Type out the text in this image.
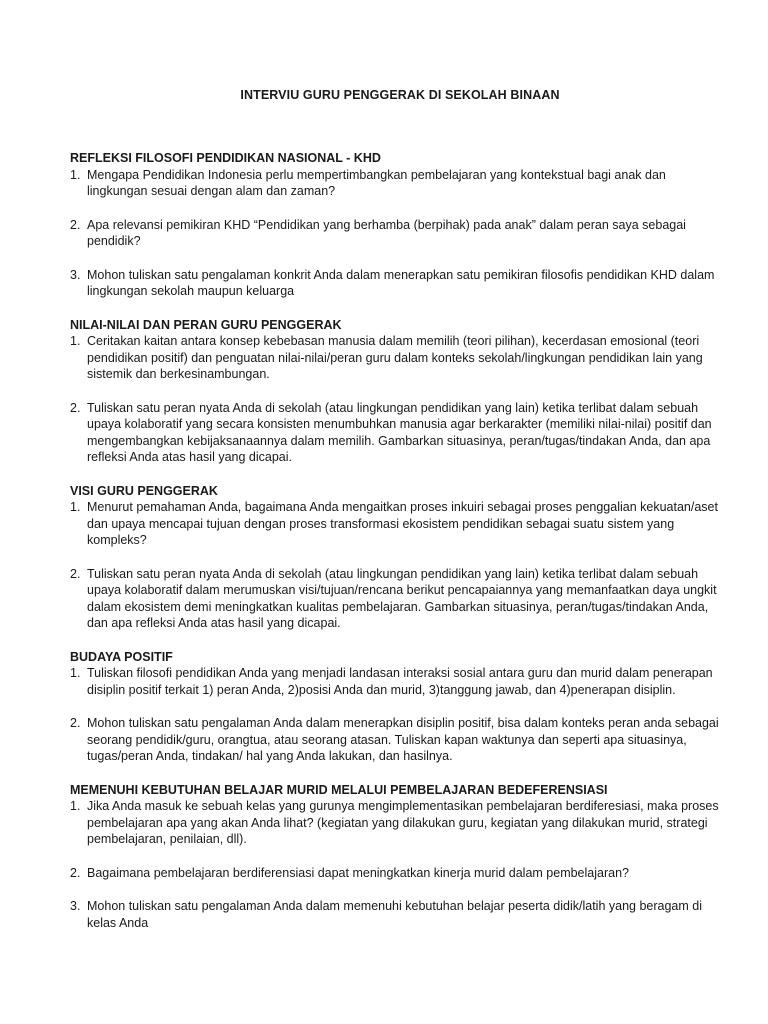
INTERVIU GURU PENGGERAK DI SEKOLAH BINAAN

REFLEKSI FILOSOFI PENDIDIKAN NASIONAL - KHD

1. Mengapa Pendidikan Indonesia perlu mempertimbangkan pembelajaran yang kontekstual bagi anak dan lingkungan sesuai dengan alam dan zaman?
2. Apa relevansi pemikiran KHD “Pendidikan yang berhamba (berpihak) pada anak” dalam peran saya sebagai pendidik?
3. Mohon tuliskan satu pengalaman konkrit Anda dalam menerapkan satu pemikiran filosofis pendidikan KHD dalam lingkungan sekolah maupun keluarga

NILAI-NILAI DAN PERAN GURU PENGGERAK

1. Ceritakan kaitan antara konsep kebebasan manusia dalam memilih (teori pilihan), kecerdasan emosional (teori pendidikan positif) dan penguatan nilai-nilai/peran guru dalam konteks sekolah/lingkungan pendidikan lain yang sistemik dan berkesinambungan.
2. Tuliskan satu peran nyata Anda di sekolah (atau lingkungan pendidikan yang lain) ketika terlibat dalam sebuah upaya kolaboratif yang secara konsisten menumbuhkan manusia agar berkarakter (memiliki nilai-nilai) positif dan mengembangkan kebijaksanaannya dalam memilih. Gambarkan situasinya, peran/tugas/tindakan Anda, dan apa refleksi Anda atas hasil yang dicapai.

VISI GURU PENGGERAK

1. Menurut pemahaman Anda, bagaimana Anda mengaitkan proses inkuiri sebagai proses penggalian kekuatan/aset dan upaya mencapai tujuan dengan proses transformasi ekosistem pendidikan sebagai suatu sistem yang kompleks?
2. Tuliskan satu peran nyata Anda di sekolah (atau lingkungan pendidikan yang lain) ketika terlibat dalam sebuah upaya kolaboratif dalam merumuskan visi/tujuan/rencana berikut pencapaiannya yang memanfaatkan daya ungkit dalam ekosistem demi meningkatkan kualitas pembelajaran. Gambarkan situasinya, peran/tugas/tindakan Anda, dan apa refleksi Anda atas hasil yang dicapai.

BUDAYA POSITIF

1. Tuliskan filosofi pendidikan Anda yang menjadi landasan interaksi sosial antara guru dan murid dalam penerapan disiplin positif terkait 1) peran Anda, 2)posisi Anda dan murid, 3)tanggung jawab, dan 4)penerapan disiplin.
2. Mohon tuliskan satu pengalaman Anda dalam menerapkan disiplin positif, bisa dalam konteks peran anda sebagai seorang pendidik/guru, orangtua, atau seorang atasan. Tuliskan kapan waktunya dan seperti apa situasinya, tugas/peran Anda, tindakan/ hal yang Anda lakukan, dan hasilnya.

MEMENUHI KEBUTUHAN BELAJAR MURID MELALUI PEMBELAJARAN BEDEFERENSIASI

1. Jika Anda masuk ke sebuah kelas yang gurunya mengimplementasikan pembelajaran berdiferesiasi, maka proses pembelajaran apa yang akan Anda lihat? (kegiatan yang dilakukan guru, kegiatan yang dilakukan murid, strategi pembelajaran, penilaian, dll).
2. Bagaimana pembelajaran berdiferensiasi dapat meningkatkan kinerja murid dalam pembelajaran?
3. Mohon tuliskan satu pengalaman Anda dalam memenuhi kebutuhan belajar peserta didik/latih yang beragam di kelas Anda
